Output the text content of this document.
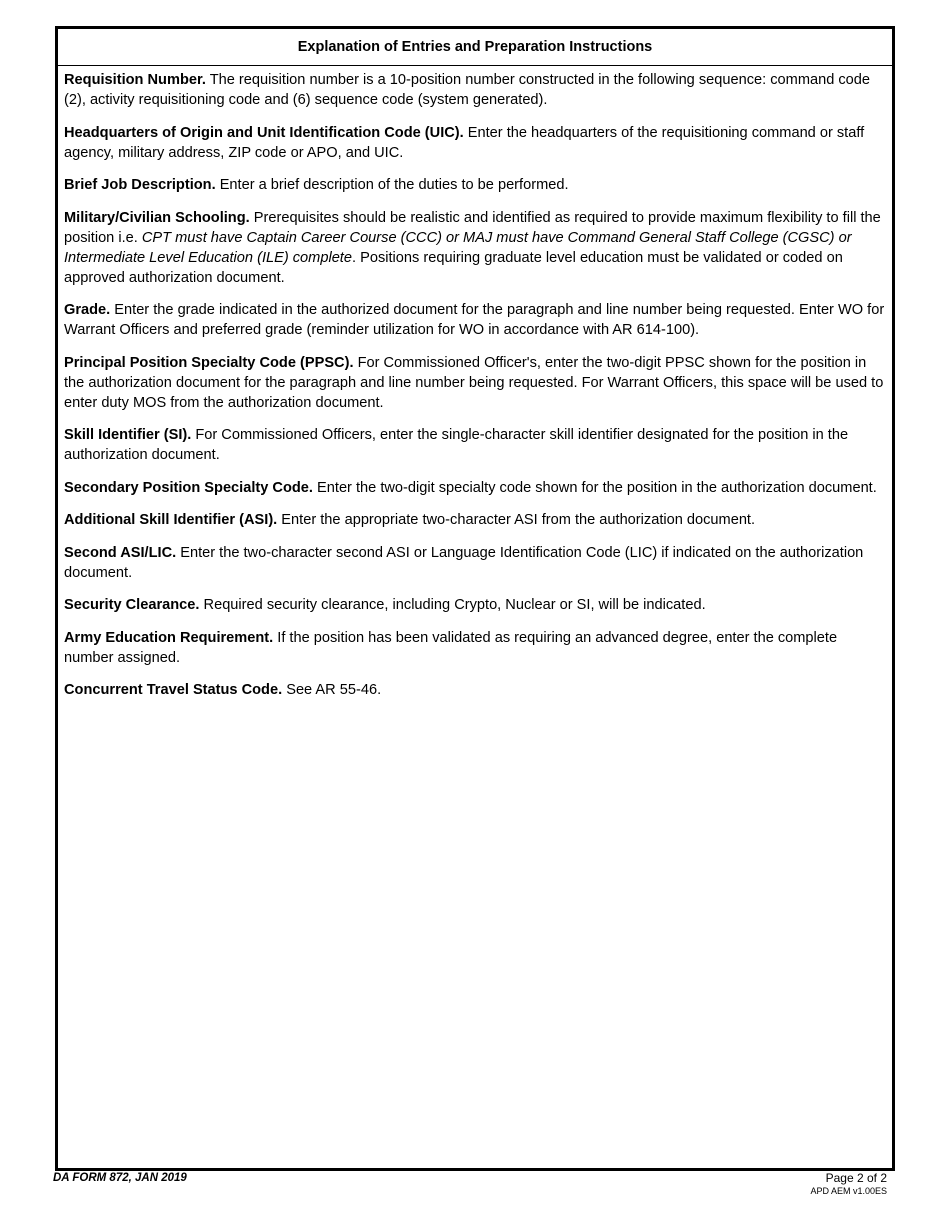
Explanation of Entries and Preparation Instructions

Requisition Number. The requisition number is a 10-position number constructed in the following sequence: command code (2), activity requisitioning code and (6) sequence code (system generated).

Headquarters of Origin and Unit Identification Code (UIC). Enter the headquarters of the requisitioning command or staff agency, military address, ZIP code or APO, and UIC.

Brief Job Description. Enter a brief description of the duties to be performed.

Military/Civilian Schooling. Prerequisites should be realistic and identified as required to provide maximum flexibility to fill the position i.e. CPT must have Captain Career Course (CCC) or MAJ must have Command General Staff College (CGSC) or Intermediate Level Education (ILE) complete. Positions requiring graduate level education must be validated or coded on approved authorization document.

Grade. Enter the grade indicated in the authorized document for the paragraph and line number being requested. Enter WO for Warrant Officers and preferred grade (reminder utilization for WO in accordance with AR 614-100).

Principal Position Specialty Code (PPSC). For Commissioned Officer's, enter the two-digit PPSC shown for the position in the authorization document for the paragraph and line number being requested. For Warrant Officers, this space will be used to enter duty MOS from the authorization document.

Skill Identifier (SI). For Commissioned Officers, enter the single-character skill identifier designated for the position in the authorization document.

Secondary Position Specialty Code. Enter the two-digit specialty code shown for the position in the authorization document.

Additional Skill Identifier (ASI). Enter the appropriate two-character ASI from the authorization document.

Second ASI/LIC. Enter the two-character second ASI or Language Identification Code (LIC) if indicated on the authorization document.

Security Clearance. Required security clearance, including Crypto, Nuclear or SI, will be indicated.

Army Education Requirement. If the position has been validated as requiring an advanced degree, enter the complete number assigned.

Concurrent Travel Status Code. See AR 55-46.

DA FORM 872, JAN 2019	Page 2 of 2
APD AEM v1.00ES
